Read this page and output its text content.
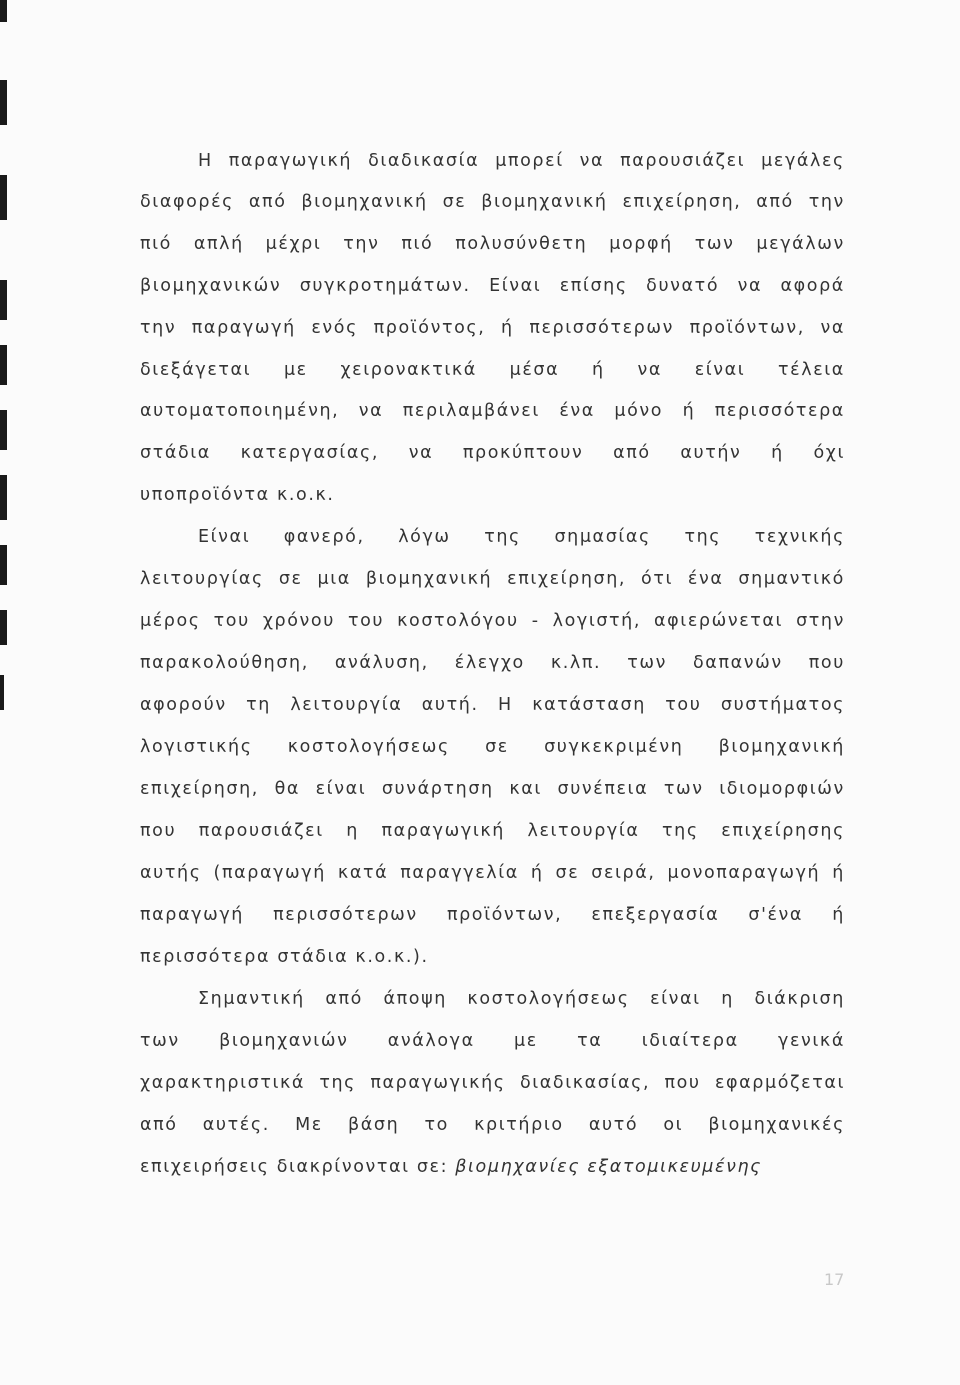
Η παραγωγική διαδικασία μπορεί να παρουσιάζει μεγάλες
διαφορές από βιομηχανική σε βιομηχανική επιχείρηση, από την
πιό απλή μέχρι την πιό πολυσύνθετη μορφή των μεγάλων
βιομηχανικών συγκροτημάτων. Είναι επίσης δυνατό να αφορά
την παραγωγή ενός προϊόντος, ή περισσότερων προϊόντων, να
διεξάγεται με χειρονακτικά μέσα ή να είναι τέλεια
αυτοματοποιημένη, να περιλαμβάνει ένα μόνο ή περισσότερα
στάδια κατεργασίας, να προκύπτουν από αυτήν ή όχι
υποπροϊόντα κ.ο.κ.
Είναι φανερό, λόγω της σημασίας της τεχνικής
λειτουργίας σε μια βιομηχανική επιχείρηση, ότι ένα σημαντικό
μέρος του χρόνου του κοστολόγου - λογιστή, αφιερώνεται στην
παρακολούθηση, ανάλυση, έλεγχο κ.λπ. των δαπανών που
αφορούν τη λειτουργία αυτή. Η κατάσταση του συστήματος
λογιστικής κοστολογήσεως σε συγκεκριμένη βιομηχανική
επιχείρηση, θα είναι συνάρτηση και συνέπεια των ιδιομορφιών
που παρουσιάζει η παραγωγική λειτουργία της επιχείρησης
αυτής (παραγωγή κατά παραγγελία ή σε σειρά, μονοπαραγωγή ή
παραγωγή περισσότερων προϊόντων, επεξεργασία σ'ένα ή
περισσότερα στάδια κ.ο.κ.).
Σημαντική από άποψη κοστολογήσεως είναι η διάκριση
των βιομηχανιών ανάλογα με τα ιδιαίτερα γενικά
χαρακτηριστικά της παραγωγικής διαδικασίας, που εφαρμόζεται
από αυτές. Με βάση το κριτήριο αυτό οι βιομηχανικές
επιχειρήσεις διακρίνονται σε: βιομηχανίες εξατομικευμένης
17
